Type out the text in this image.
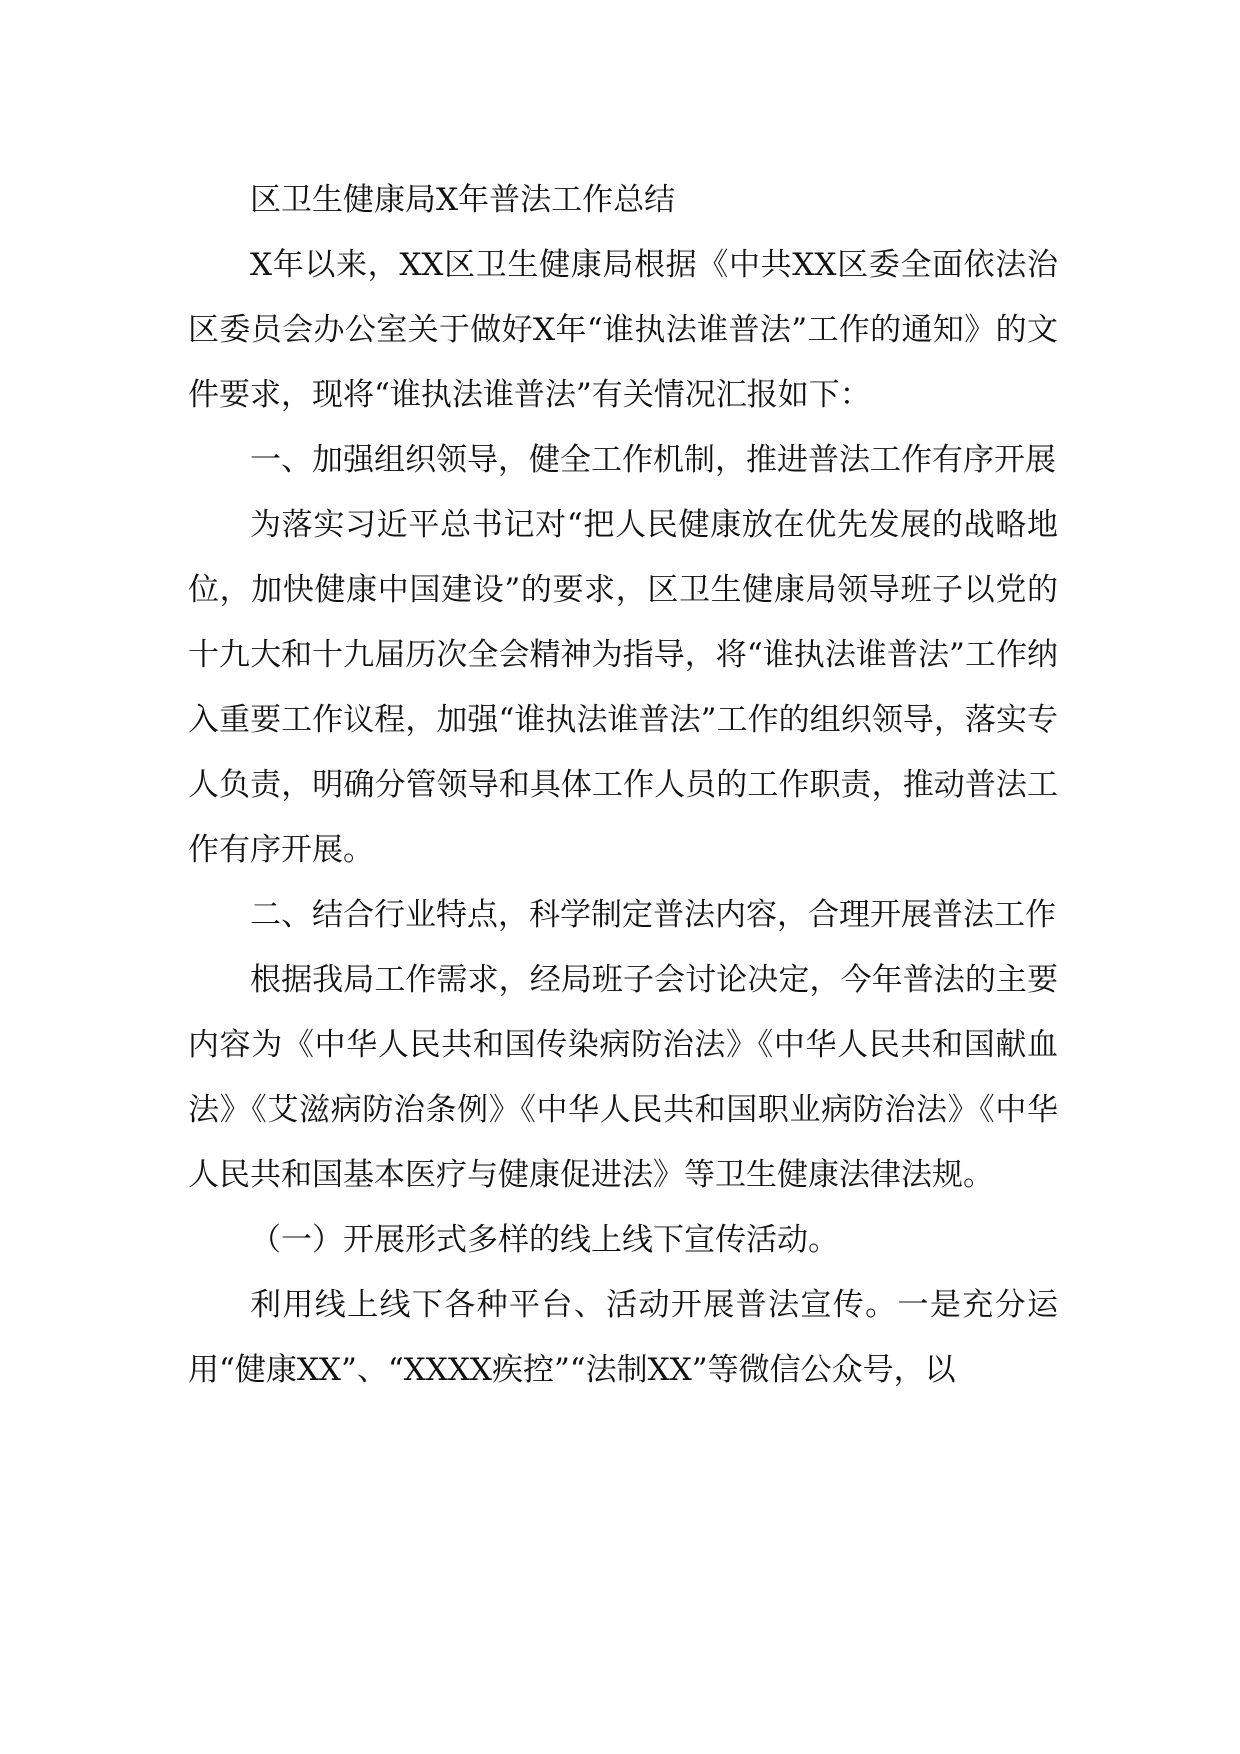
区卫生健康局X年普法工作总结

X年以来，XX区卫生健康局根据《中共XX区委全面依法治区委员会办公室关于做好X年“谁执法谁普法”工作的通知》的文件要求，现将“谁执法谁普法”有关情况汇报如下：

一、加强组织领导，健全工作机制，推进普法工作有序开展

为落实习近平总书记对“把人民健康放在优先发展的战略地位，加快健康中国建设”的要求，区卫生健康局领导班子以党的十九大和十九届历次全会精神为指导，将“谁执法谁普法”工作纳入重要工作议程，加强“谁执法谁普法”工作的组织领导，落实专人负责，明确分管领导和具体工作人员的工作职责，推动普法工作有序开展。

二、结合行业特点，科学制定普法内容，合理开展普法工作

根据我局工作需求，经局班子会讨论决定，今年普法的主要内容为《中华人民共和国传染病防治法》《中华人民共和国献血法》《艾滋病防治条例》《中华人民共和国职业病防治法》《中华人民共和国基本医疗与健康促进法》等卫生健康法律法规。

（一）开展形式多样的线上线下宣传活动。

利用线上线下各种平台、活动开展普法宣传。一是充分运用“健康XX”、“XXXX疾控”“法制XX”等微信公众号，以
